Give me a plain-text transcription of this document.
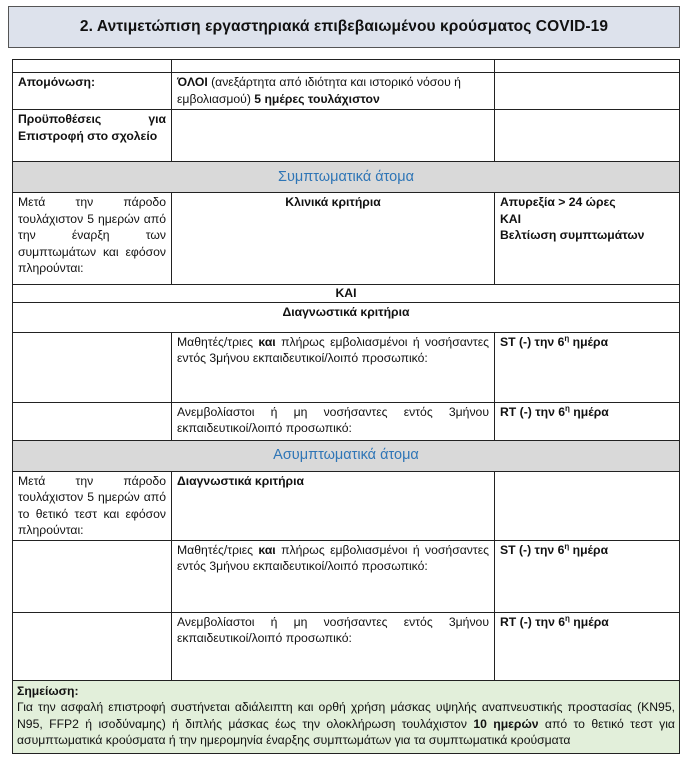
2. Αντιμετώπιση εργαστηριακά επιβεβαιωμένου κρούσματος COVID-19

Απομόνωση:	ΌΛΟΙ (ανεξάρτητα από ιδιότητα και ιστορικό νόσου ή εμβολιασμού) 5 ημέρες τουλάχιστον	
Προϋποθέσεις για Επιστροφή στο σχολείο		
Συμπτωματικά άτομα		
Μετά την πάροδο τουλάχιστον 5 ημερών από την έναρξη των συμπτωμάτων και εφόσον πληρούνται:	Κλινικά κριτήρια	Απυρεξία > 24 ώρες
ΚΑΙ
Βελτίωση συμπτωμάτων

ΚΑΙ		
Διαγνωστικά κριτήρια		
	Μαθητές/τριες και πλήρως εμβολιασμένοι ή νοσήσαντες εντός 3μήνου εκπαιδευτικοί/λοιπό προσωπικό:	ST (-) την $6^\eta$ ημέρα
	Ανεμβολίαστοι ή μη νοσήσαντες εντός 3μήνου εκπαιδευτικοί/λοιπό προσωπικό:	RT (-) την $6^\eta$ ημέρα
Ασυμπτωματικά άτομα		
Μετά την πάροδο τουλάχιστον 5 ημερών από το θετικό τεστ και εφόσον πληρούνται:	Διαγνωστικά κριτήρια	
	Μαθητές/τριες και πλήρως εμβολιασμένοι ή νοσήσαντες εντός 3μήνου εκπαιδευτικοί/λοιπό προσωπικό:	ST (-) την $6^\eta$ ημέρα
	Ανεμβολίαστοι ή μη νοσήσαντες εντός 3μήνου εκπαιδευτικοί/λοιπό προσωπικό:	RT (-) την $6^\eta$ ημέρα

Σημείωση:
Για την ασφαλή επιστροφή συστήνεται αδιάλειπτη και ορθή χρήση μάσκας υψηλής αναπνευστικής προστασίας (KN95, N95, FFP2 ή ισοδύναμης) ή διπλής μάσκας έως την ολοκλήρωση τουλάχιστον 10 ημερών από το θετικό τεστ για ασυμπτωματικά κρούσματα ή την ημερομηνία έναρξης συμπτωμάτων για τα συμπτωματικά κρούσματα		
